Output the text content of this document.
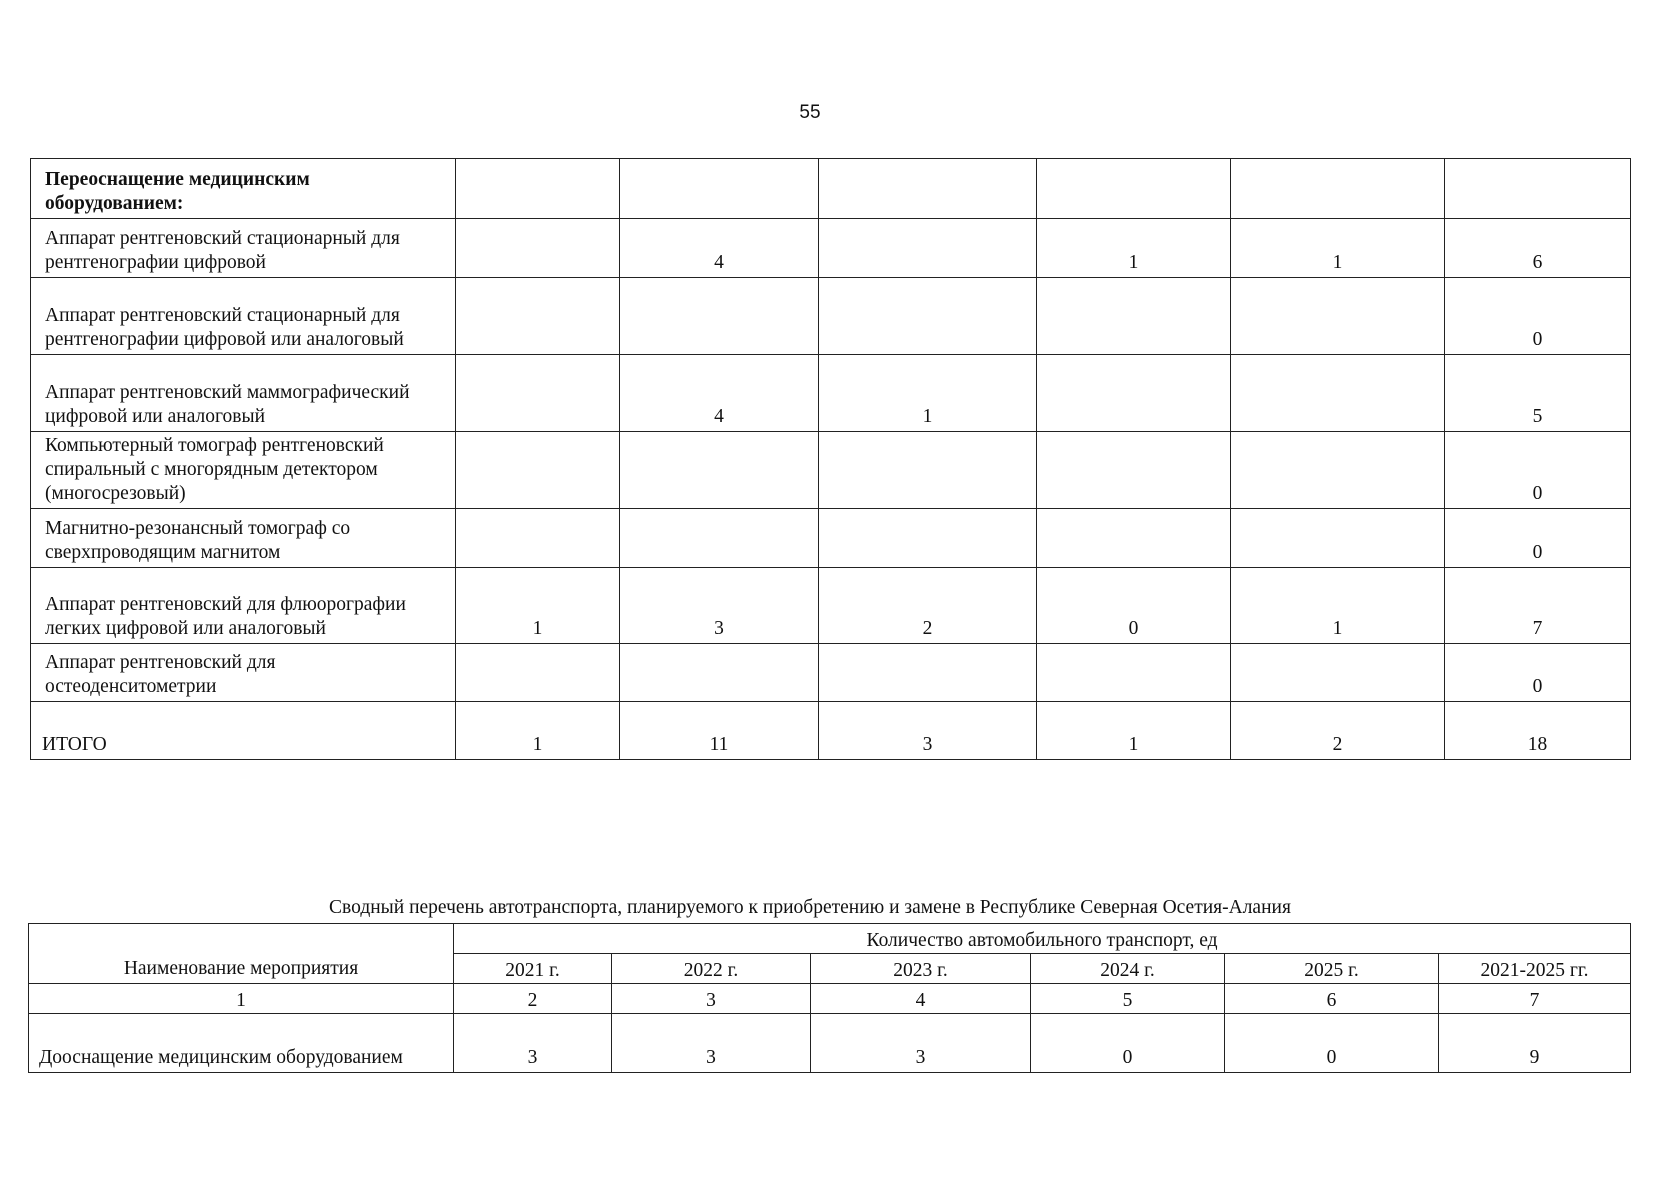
55
Переоснащение медицинским оборудованием:						
Аппарат рентгеновский стационарный для рентгенографии цифровой		4		1	1	6
Аппарат рентгеновский стационарный для рентгенографии цифровой или аналоговый						0
Аппарат рентгеновский маммографический цифровой или аналоговый		4	1			5
Компьютерный томограф рентгеновский спиральный с многорядным детектором (многосрезовый)						0
Магнитно-резонансный томограф со сверхпроводящим магнитом						0
Аппарат рентгеновский для флюорографии легких цифровой или аналоговый	1	3	2	0	1	7
Аппарат рентгеновский для остеоденситометрии						0
ИТОГО	1	11	3	1	2	18
Сводный перечень автотранспорта, планируемого к приобретению и замене в Республике Северная Осетия-Алания
Наименование мероприятия	Количество автомобильного транспорт, ед					
	2021 г.	2022 г.	2023 г.	2024 г.	2025 г.	2021-2025 гг.
1	2	3	4	5	6	7
Дооснащение медицинским оборудованием	3	3	3	0	0	9
